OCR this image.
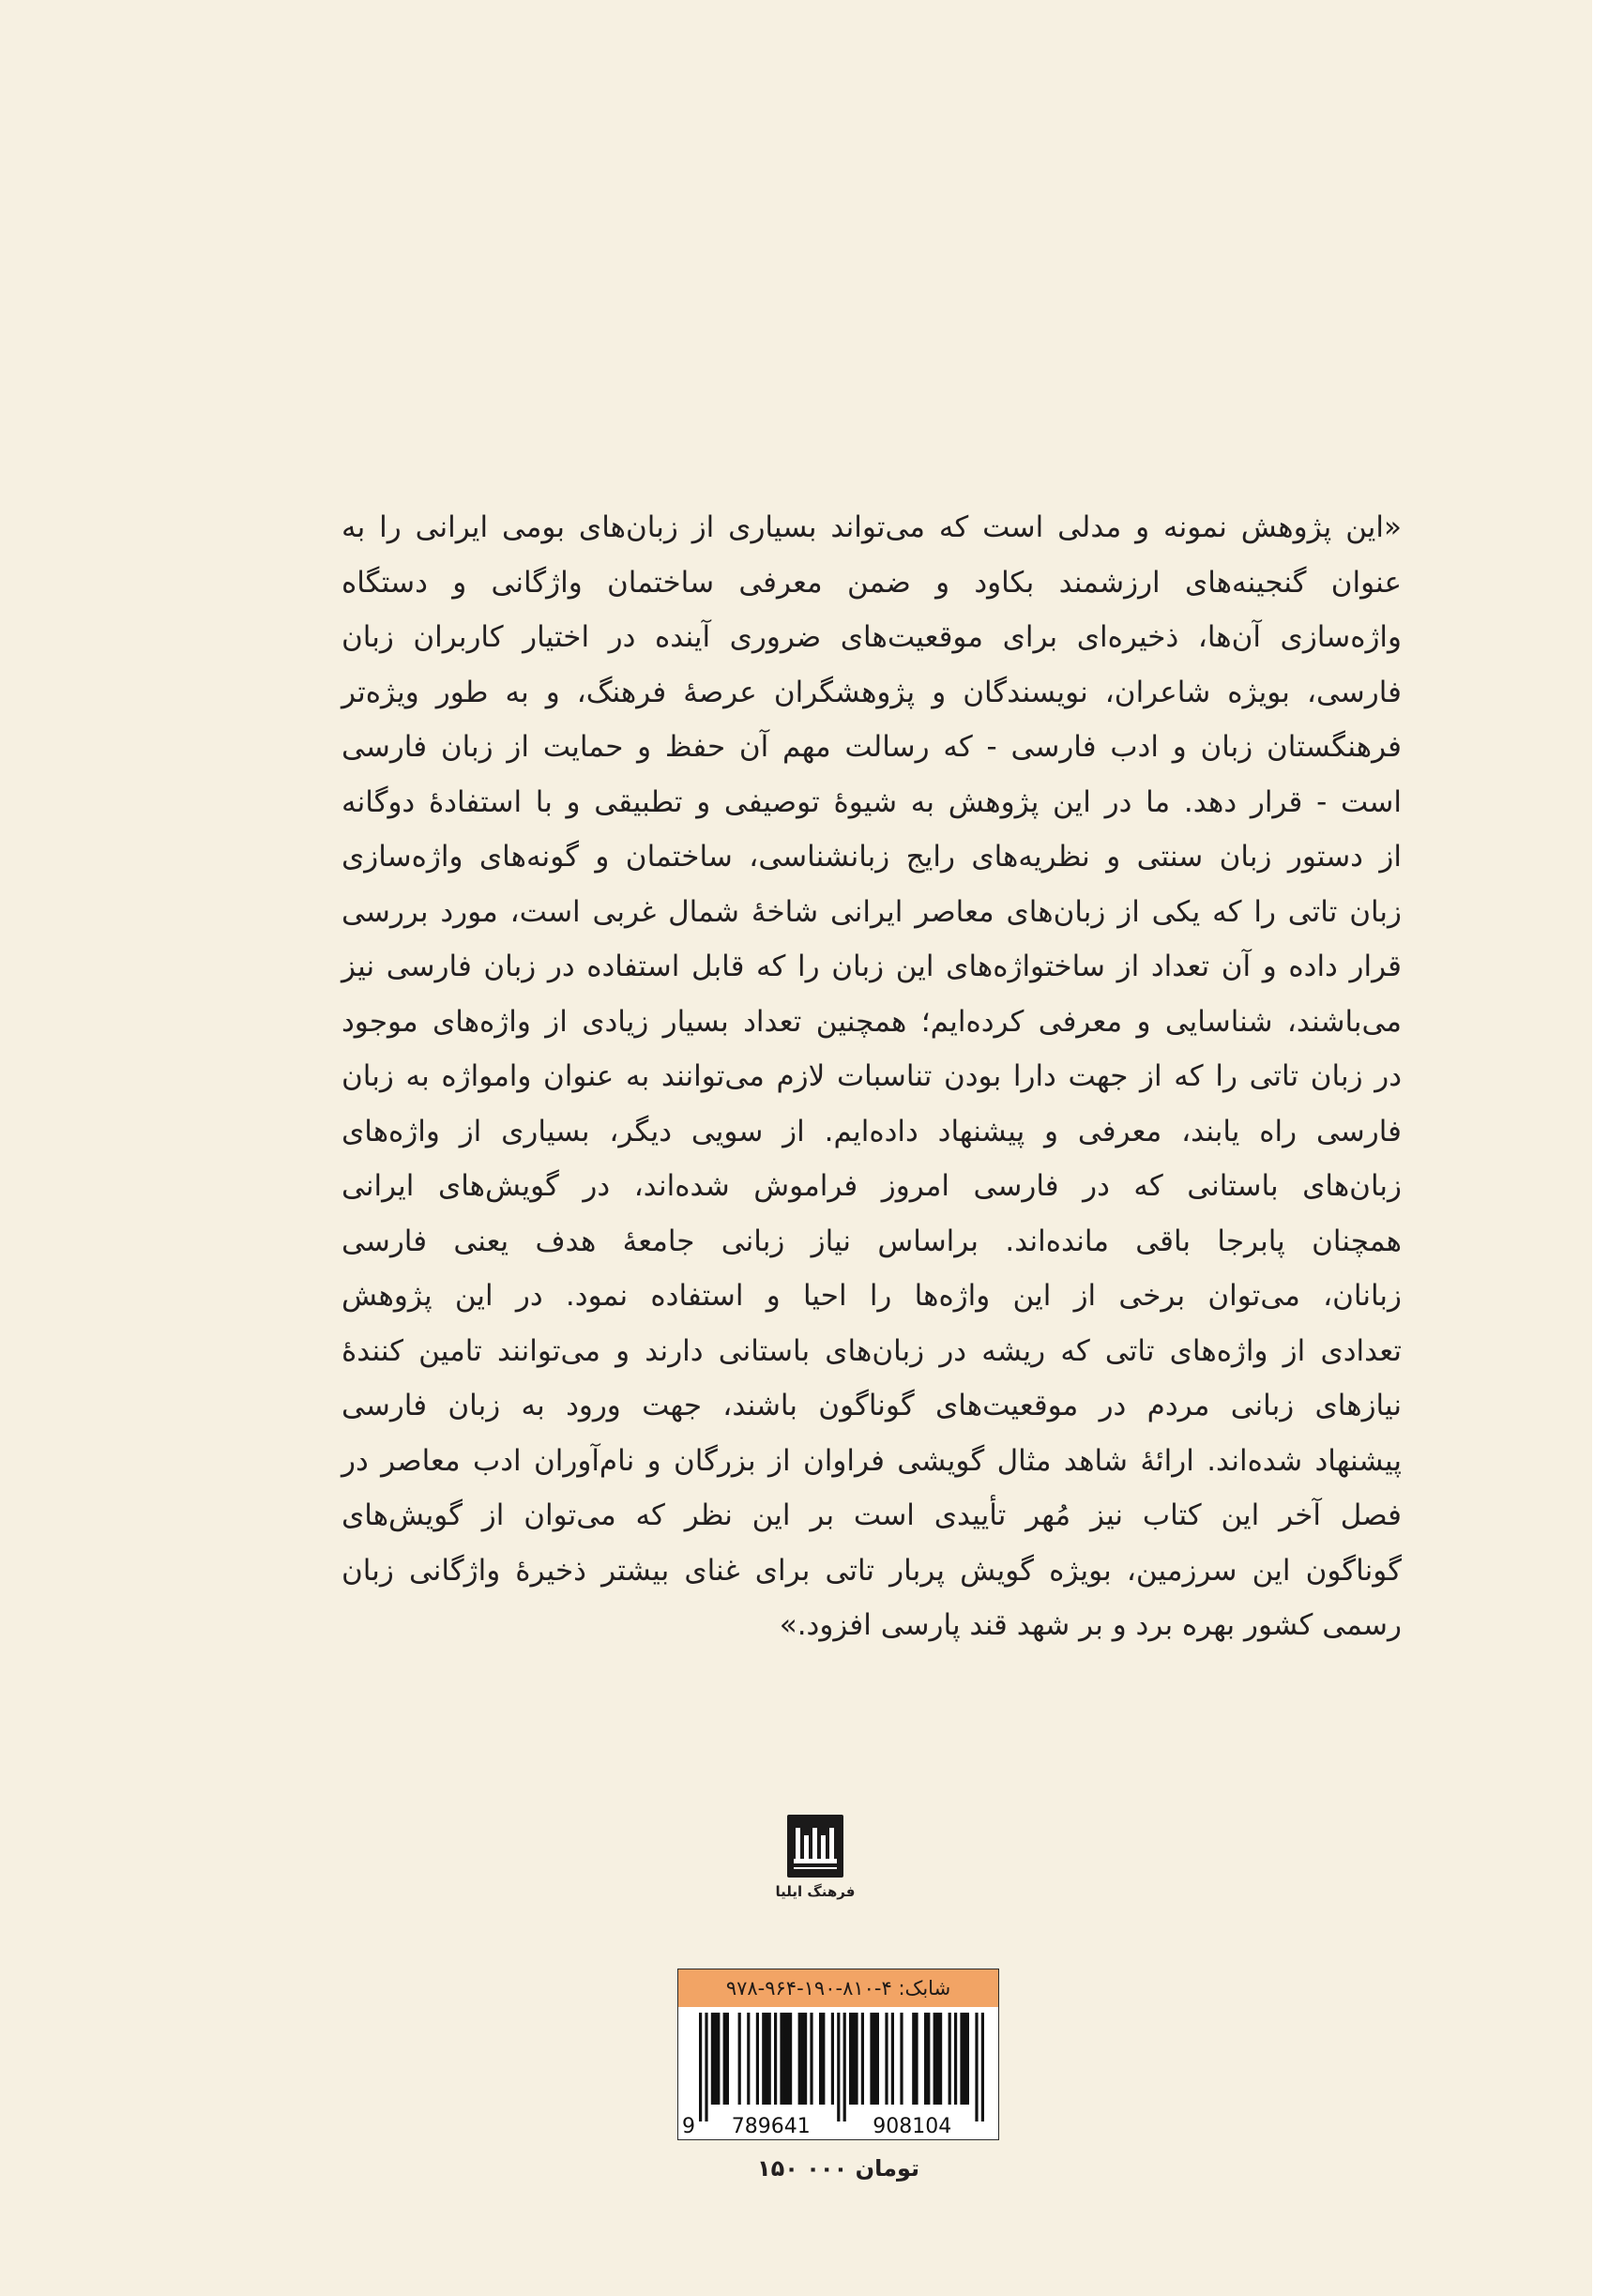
«این پژوهش نمونه و مدلی است که می‌تواند بسیاری از زبان‌های بومی ایرانی را به
عنوان گنجینه‌های ارزشمند بکاود و ضمن معرفی ساختمان واژگانی و دستگاه
واژه‌سازی آن‌ها، ذخیره‌ای برای موقعیت‌های ضروری آینده در اختیار کاربران زبان
فارسی، بویژه شاعران، نویسندگان و پژوهشگران عرصهٔ فرهنگ، و به طور ویژه‌تر
فرهنگستان زبان و ادب فارسی - که رسالت مهم آن حفظ و حمایت از زبان فارسی
است - قرار دهد. ما در این پژوهش به شیوهٔ توصیفی و تطبیقی و با استفادهٔ دوگانه
از دستور زبان سنتی و نظریه‌های رایج زبانشناسی، ساختمان و گونه‌های واژه‌سازی
زبان تاتی را که یکی از زبان‌های معاصر ایرانی شاخهٔ شمال غربی است، مورد بررسی
قرار داده و آن تعداد از ساختواژه‌های این زبان را که قابل استفاده در زبان فارسی نیز
می‌باشند، شناسایی و معرفی کرده‌ایم؛ همچنین تعداد بسیار زیادی از واژه‌های موجود
در زبان تاتی را که از جهت دارا بودن تناسبات لازم می‌توانند به عنوان وامواژه به زبان
فارسی راه یابند، معرفی و پیشنهاد داده‌ایم. از سویی دیگر، بسیاری از واژه‌های
زبان‌های باستانی که در فارسی امروز فراموش شده‌اند، در گویش‌های ایرانی
همچنان پابرجا باقی مانده‌اند. براساس نیاز زبانی جامعهٔ هدف یعنی فارسی
زبانان، می‌توان برخی از این واژه‌ها را احیا و استفاده نمود. در این پژوهش
تعدادی از واژه‌های تاتی که ریشه در زبان‌های باستانی دارند و می‌توانند تامین کنندهٔ
نیازهای زبانی مردم در موقعیت‌های گوناگون باشند، جهت ورود به زبان فارسی
پیشنهاد شده‌اند. ارائهٔ شاهد مثال گویشی فراوان از بزرگان و نام‌آوران ادب معاصر در
فصل آخر این کتاب نیز مُهر تأییدی است بر این نظر که می‌توان از گویش‌های
گوناگون این سرزمین، بویژه گویش پربار تاتی برای غنای بیشتر ذخیرهٔ واژگانی زبان
رسمی کشور بهره برد و بر شهد قند پارسی افزود.»
فرهنگ ایلیا
شابک: ۴-۸۱۰-۱۹۰-۹۶۴-۹۷۸
9 789641	908104
۱۵۰ ۰۰۰ تومان
